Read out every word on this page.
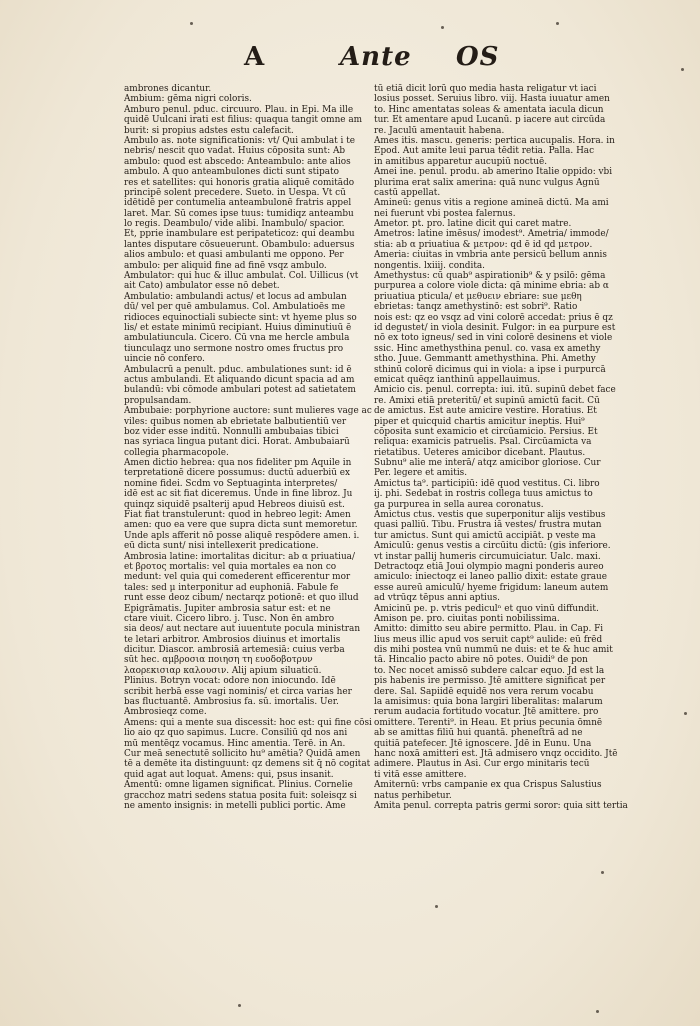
A	Ante OS
ambrones dicantur.
Ambium: gēma nigri coloris.
Amburo penul. pduc. circuuro. Plau. in Epi. Ma ille
quidē Uulcani irati est filius: quaqua tangit omne am
burit: si propius adstes estu calefacit.
Ambulo as. note significationis: vt/ Qui ambulat i te
nebris/ nescit quo vadat. Huius cōposita sunt: Ab
ambulo: quod est abscedo: Anteambulo: ante alios
ambulo. A quo anteambulones dicti sunt stipato
res et satellites: qui honoris gratia aliquē comitādo
principē solent precedere. Sueto. in Uespa. Vt cū
idētidē per contumelia anteambulonē fratris appel
laret. Mar. Sū comes ipse tuus: tumidiqz anteambu
lo regis. Deambulo/ vide alibi. Inambulo/ spacior.
Et, pprie inambulare est peripateticoz: qui deambu
lantes disputare cōsueuerunt. Obambulo: aduersus
alios ambulo: et quasi ambulanti me oppono. Per
ambulo: per aliquid fine ad finē vsqz ambulo.
Ambulator: qui huc & illuc ambulat. Col. Uillicus (vt
ait Cato) ambulator esse nō debet.
Ambulatio: ambulandi actus/ et locus ad ambulan
dū/ vel per quē ambulamus. Col. Ambulatioēs me
ridioces equinoctiali subiecte sint: vt hyeme plus so
lis/ et estate minimū recipiant. Huius diminutiuū ē
ambulatiuncula. Cicero. Cū vna me hercle ambula
tiunculaqz uno sermone nostro omes fructus pro
uincie nō confero.
Ambulacrū a penult. pduc. ambulationes sunt: id ē
actus ambulandi. Et aliquando dicunt spacia ad am
bulandū: vbi cōmode ambulari potest ad satietatem
propulsandam.
Ambubaie: porphyrione auctore: sunt mulieres vage ac
viles: quibus nomen ab ebrietate balbutientiū ver
boz vider esse inditū. Nonnulli ambubaias tibici
nas syriaca lingua putant dici. Horat. Ambubaiarū
collegia pharmacopole.
Amen dictio hebrea: qua nos fideliter pm Aquile in
terpretationē dicere possumus: ductū aduerbiū ex
nomine fidei. Scdm vo Septuaginta interpretes/
idē est ac sit fiat diceremus. Unde in fine libroz. Ju
quinqz siquidē psalterij apud Hebreos diuisū est.
Fiat fiat transtulerunt: quod in hebreo legit: Amen
amen: quo ea vere que supra dicta sunt memoretur.
Unde apls afferit nō posse aliquē respōdere amen. i.
eū dicta sunt/ nisi intellexerit predicatione.
Ambrosia latine: imortalitas dicitur: ab α priuatiua/
et βροτος mortalis: vel quia mortales ea non co
medunt: vel quia qui comederent efficerentur mor
tales: sed μ interponitur ad euphoniā. Fabule fe
runt esse deoz cibum/ nectarqz potionē: et quo illud
Epigrāmatis. Jupiter ambrosia satur est: et ne
ctare viuit. Cicero libro. j. Tusc. Non ēn ambro
sia deos/ aut nectare aut iuuentute pocula ministran
te letari arbitror. Ambrosios diuinus et imortalis
dicitur. Diascor. ambrosiā artemesiā: cuius verba
sūt hec. αμβροσια ποιηση τη ευοδοβοτρυν
λαορεκισιαρ καλουσιν. Alij apium siluaticū.
Plinius. Botryn vocat: odore non iniocundo. Idē
scribit herbā esse vagi nominis/ et circa varias her
bas fluctuantē. Ambrosius fa. sū. imortalis. Uer.
Ambrosieqz come.
Amens: qui a mente sua discessit: hoc est: qui fine cōsi
lio aio qz quo sapimus. Lucre. Consiliū qd nos ani
mū mentēqz vocamus. Hinc amentia. Terē. in An.
Cur meā senectutē sollicito hu⁹ amētia? Quidā amen
tē a demēte ita distinguunt: qz demens sit q̄ nō cogitat
quid agat aut loquat. Amens: qui, psus insanit.
Amentū: omne ligamen significat. Plinius. Cornelie
gracchoz matri sedens statua posita fuit: soleisqz si
ne amento insignis: in metelli publici portic. Ame
tū etiā dicit lorū quo media hasta religatur vt iaci
losius posset. Seruius libro. viij. Hasta iuuatur amen
to. Hinc amentatas soleas & amentata iacula dicun
tur. Et amentare apud Lucanū. p iacere aut circūda
re. Jaculū amentauit habena.
Ames itis. mascu. generis: pertica aucupalis. Hora. in
Epod. Aut amite leui parua tēdit retia. Palla. Hac
in amitibus apparetur aucupiū noctuē.
Amei ine. penul. produ. ab amerino Italie oppido: vbi
plurima erat salix amerina: quā nunc vulgus Agnū
castū appellat.
Amineū: genus vitis a regione amineā dictū. Ma ami
nei fuerunt vbi postea falernus.
Ametor. pt. pro. latine dicit qui caret matre.
Ametros: latine imēsus/ imodest⁹. Ametria/ immode/
stia: ab α priuatiua & μετρον: qd ē id qd μετρον.
Ameria: ciuitas in vmbria ante persicū bellum annis
nongentis. lxiiij. condita.
Amethystus: cū quab⁹ aspirationib⁹ & y psilō: gēma
purpurea a colore viole dicta: qā minime ebria: ab α
priuatiua pticula/ et μεθυειν ebriare: sue μεθη
ebrietas: tanqz amethystinō: est sobri⁹. Ratio
nois est: qz eo vsqz ad vini colorē accedat: prius ē qz
id degustet/ in viola desinit. Fulgor: in ea purpure est
nō ex toto igneus/ sed in vini colorē desinens et viole
ssic. Hinc amethysthina penul. co. vasa ex amethy
stho. Juue. Gemmantt amethysthina. Phi. Amethy
sthinū colorē dicimus qui in viola: a ipse i purpurcā
emicat quēqz ianthinū appellauimus.
Amicio cis. penul. correpta: iui. itū. supinū debet face
re. Amixi etiā preteritū/ et supinū amictū facit. Cū
de amictus. Est aute amicire vestire. Horatius. Et
piper et quicquid chartis amicitur ineptis. Hui⁹
cōposita sunt examicio et circūamicio. Persius. Et
reliqua: examicis patruelis. Psal. Circūamicta va
rietatibus. Ueteres amicibor dicebant. Plautus.
Subnu⁹ alie me interā/ atqz amicibor gloriose. Cur
Per. legere et amitis.
Amictus ta⁹. participiū: idē quod vestitus. Ci. libro
ij. phi. Sedebat in rostris collega tuus amictus to
ga purpurea in sella aurea coronatus.
Amictus ctus. vestis que superponitur alijs vestibus
quasi palliū. Tibu. Frustra iā vestes/ frustra mutan
tur amictus. Sunt qui amictū accipiāt. p veste ma
Amiculū: genus vestis a circūitu dictū: (gis inferiore.
vt instar pallij humeris circumuiciatur. Ualc. maxi.
Detractoqz etiā Joui olympio magni ponderis aureo
amiculo: iniectoqz ei laneo pallio dixit: estate graue
esse aureū amiculū/ hyeme frigidum: laneum autem
ad vtrūqz tēpus anni aptius.
Amicinū pe. p. vtris pediculⁿ et quo vinū diffundit.
Amison pe. pro. ciuitas ponti nobilissima.
Amitto: dimitto seu abire permitto. Plau. in Cap. Fi
lius meus illic apud vos seruit capt⁹ aulide: eū frēd
dis mihi postea vnū nummū ne duis: et te & huc amit
tā. Hincalio pacto abire nō potes. Ouidi⁹ de pon
to. Nec nocet amissō subdere calcar equo. Jd est la
pis habenis ire permisso. Jtē amittere significat per
dere. Sal. Sapiidē equidē nos vera rerum vocabu
la amisimus: quia bona largiri liberalitas: malarum
rerum audacia fortitudo vocatur. Jtē amittere. pro
omittere. Terenti⁹. in Heau. Et prius pecunia ōmnē
ab se amittas filiū hui quantā. pheneſtrā ad ne
quitiā patefecer. Jtē ignoscere. Jdē in Eunu. Una
hanc noxā amitteri est. Jtā admisero vnqz occidito. Jtē
adimere. Plautus in Asi. Cur ergo minitaris tecū
ti vitā esse amittere.
Amiternū: vrbs campanie ex qua Crispus Salustius
natus perhibetur.
Amita penul. correpta patris germi soror: quia sitt tertia
